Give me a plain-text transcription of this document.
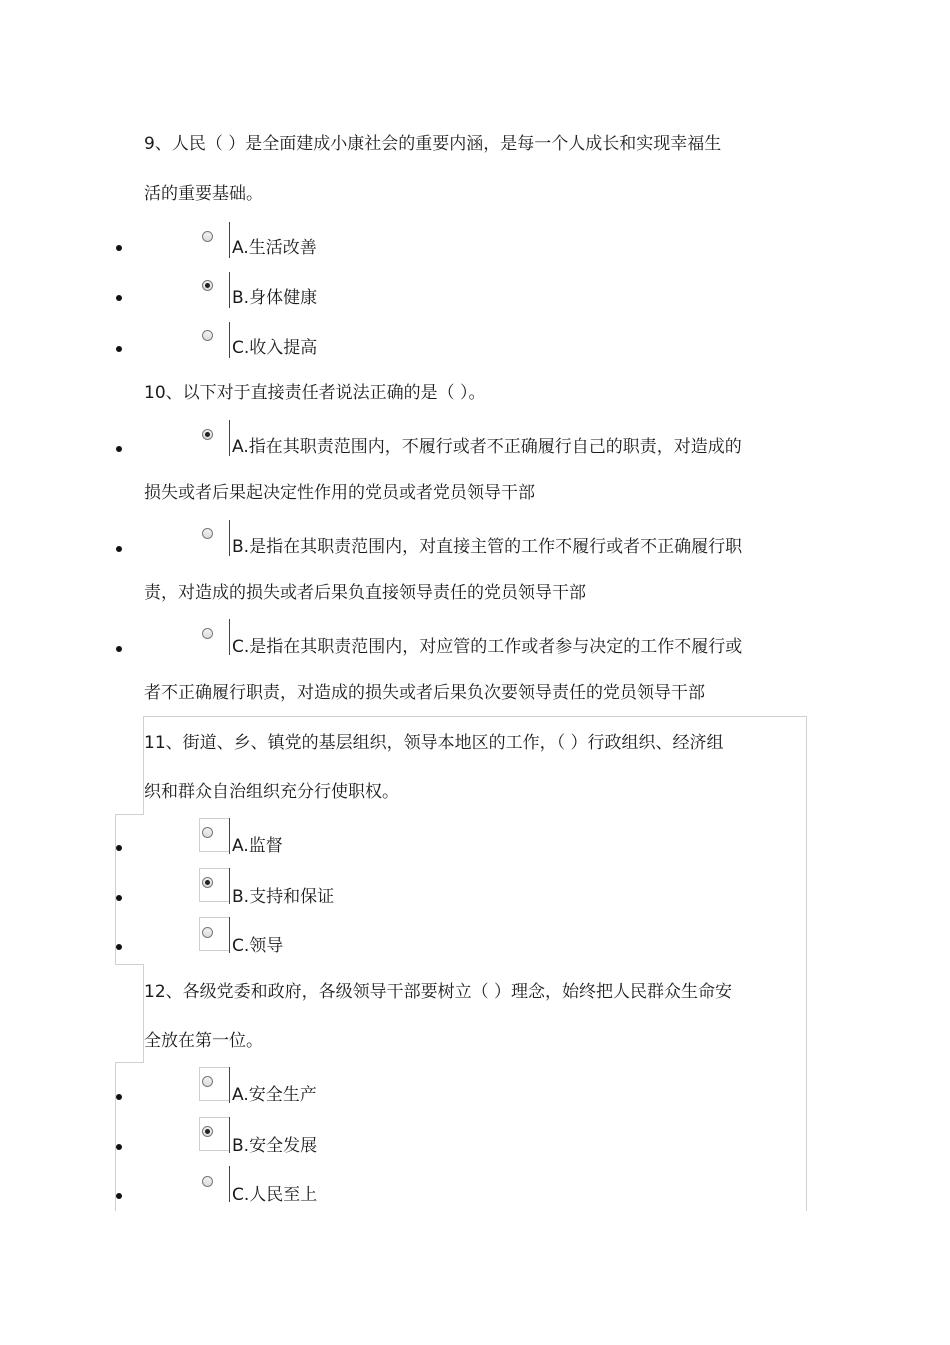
9、人民（ ）是全面建成小康社会的重要内涵，是每一个人成长和实现幸福生
活的重要基础。
A.生活改善
B.身体健康
C.收入提高
10、以下对于直接责任者说法正确的是（ ）。
A.指在其职责范围内，不履行或者不正确履行自己的职责，对造成的
损失或者后果起决定性作用的党员或者党员领导干部
B.是指在其职责范围内，对直接主管的工作不履行或者不正确履行职
责，对造成的损失或者后果负直接领导责任的党员领导干部
C.是指在其职责范围内，对应管的工作或者参与决定的工作不履行或
者不正确履行职责，对造成的损失或者后果负次要领导责任的党员领导干部
11、街道、乡、镇党的基层组织，领导本地区的工作，（ ）行政组织、经济组
织和群众自治组织充分行使职权。
A.监督
B.支持和保证
C.领导
12、各级党委和政府，各级领导干部要树立（ ）理念，始终把人民群众生命安
全放在第一位。
A.安全生产
B.安全发展
C.人民至上
